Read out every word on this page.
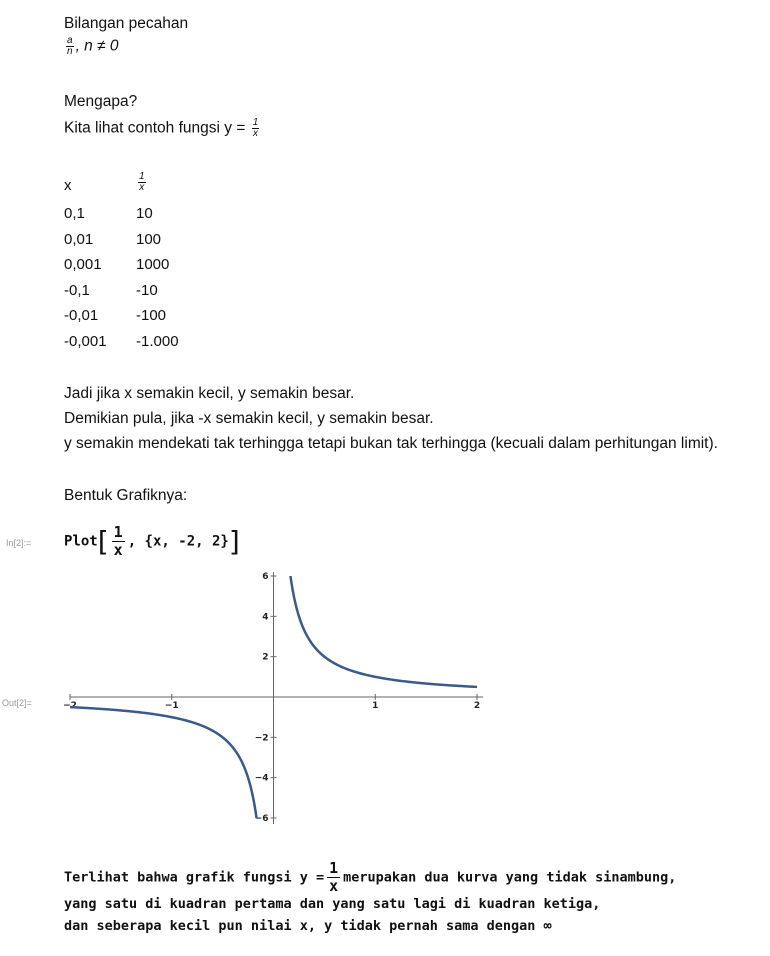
Bilangan pecahan
$\frac{a}{n}$ , n ≠ 0
Mengapa?
Kita lihat contoh fungsi $y = \frac{1}{x}$
x	$\frac{1}{x}$
0,1	10
0,01	100
0,001 1000
-0,1	-10
-0,01	-100
-0,001 -1.000
Jadi jika x semakin kecil, y semakin besar.
Demikian pula, jika -x semakin kecil, y semakin besar.
y semakin mendekati tak terhingga tetapi bukan tak terhingga (kecuali dalam perhitungan limit).
Bentuk Grafiknya:
In[2]:= Plot[ $\frac{1}{x}$ , {x, -2, 2}]
Out[2]=	−2	−1	1	2
6
4
2
−2
−4
−6
Terlihat bahwa grafik fungsi $y = \frac{1}{x}$ merupakan dua kurva yang tidak sinambung,
yang satu di kuadran pertama dan yang satu lagi di kuadran ketiga,
dan seberapa kecil pun nilai x, y tidak pernah sama dengan ∞
